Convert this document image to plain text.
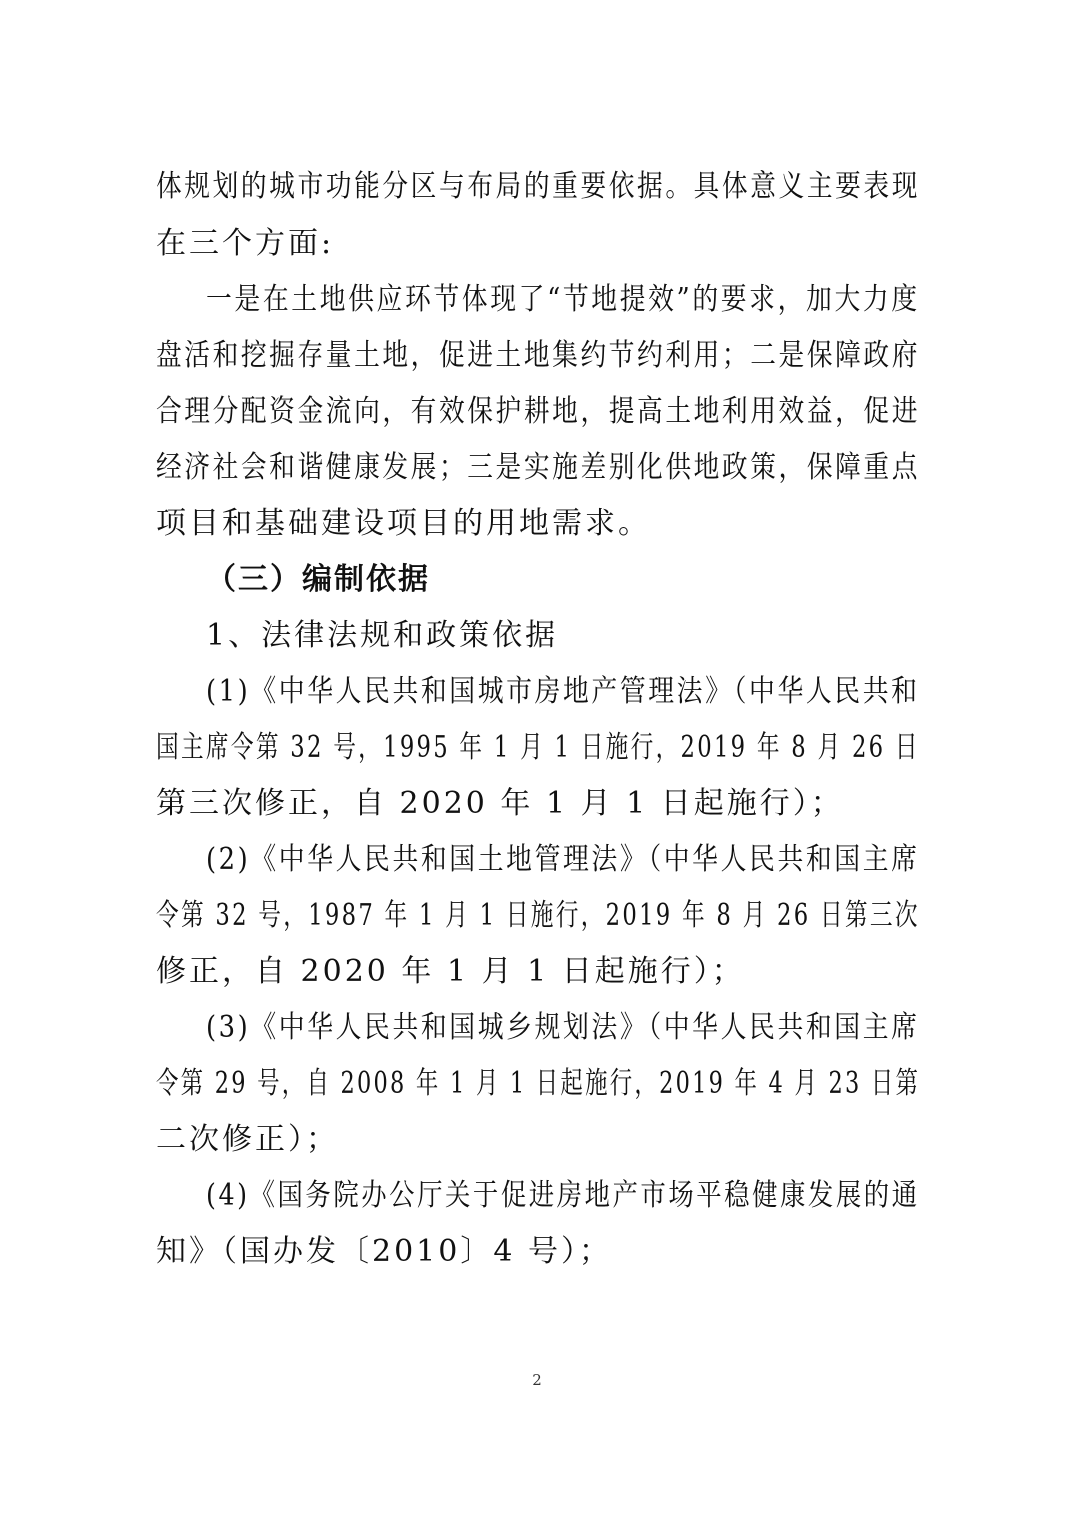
体规划的城市功能分区与布局的重要依据。具体意义主要表现
在三个方面:
一是在土地供应环节体现了“节地提效”的要求，加大力度
盘活和挖掘存量土地，促进土地集约节约利用；二是保障政府
合理分配资金流向，有效保护耕地，提高土地利用效益，促进
经济社会和谐健康发展；三是实施差别化供地政策，保障重点
项目和基础建设项目的用地需求。
（三）编制依据
1、法律法规和政策依据
(1)《中华人民共和国城市房地产管理法》（中华人民共和
国主席令第 32 号，1995 年 1 月 1 日施行，2019 年 8 月 26 日
第三次修正，自 2020 年 1 月 1 日起施行）；
(2)《中华人民共和国土地管理法》（中华人民共和国主席
令第 32 号，1987 年 1 月 1 日施行，2019 年 8 月 26 日第三次
修正，自 2020 年 1 月 1 日起施行）；
(3)《中华人民共和国城乡规划法》（中华人民共和国主席
令第 29 号，自 2008 年 1 月 1 日起施行，2019 年 4 月 23 日第
二次修正）；
(4)《国务院办公厅关于促进房地产市场平稳健康发展的通
知》（国办发〔2010〕4 号）；
2
